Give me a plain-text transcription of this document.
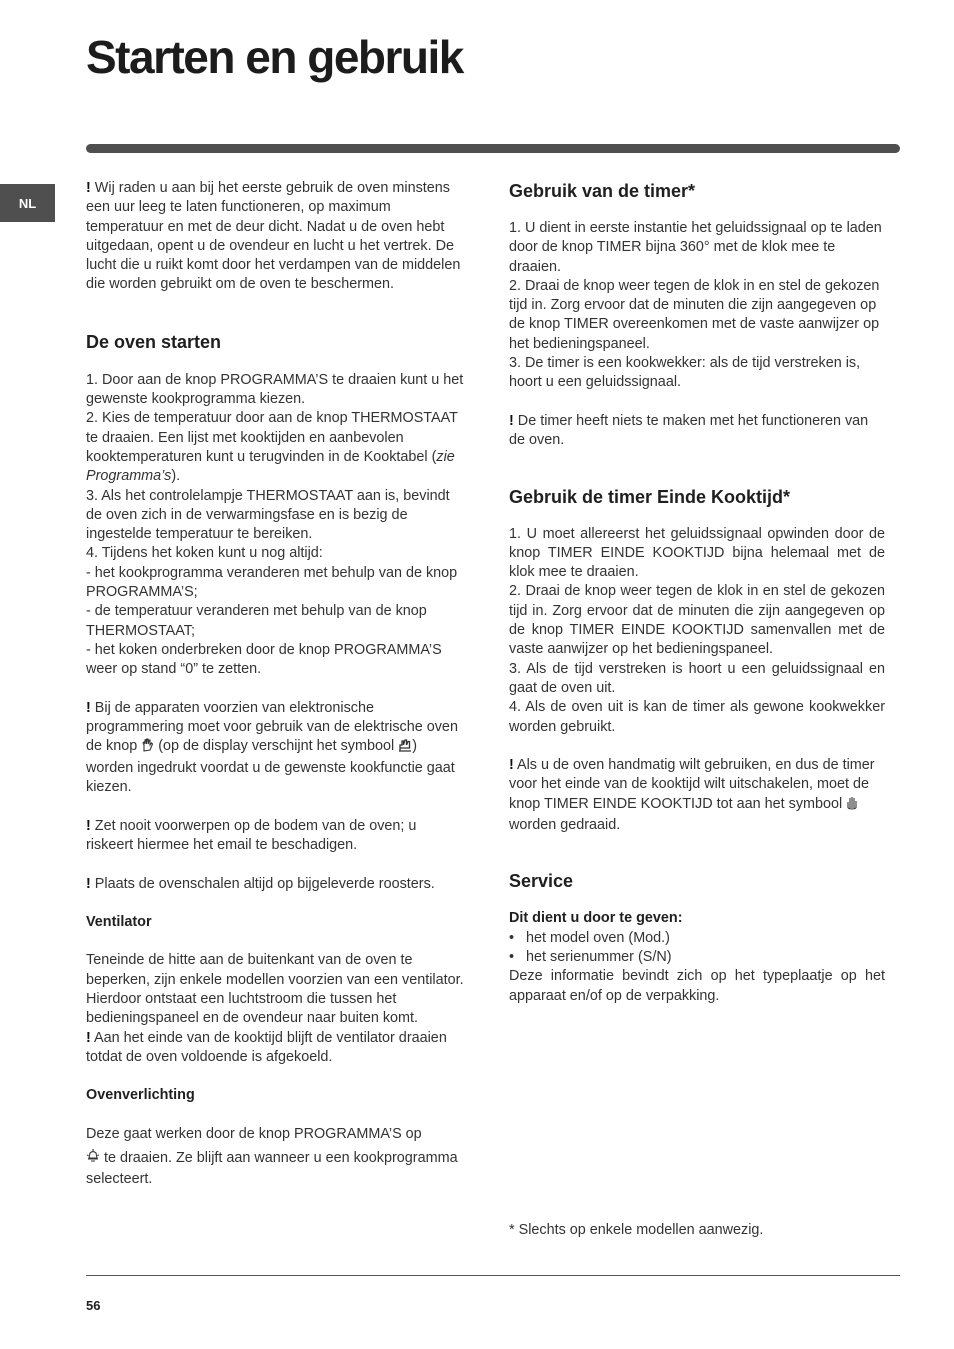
Starten en gebruik
NL

! Wij raden u aan bij het eerste gebruik de oven minstens een uur leeg te laten functioneren, op maximum temperatuur en met de deur dicht. Nadat u de oven hebt uitgedaan, opent u de ovendeur en lucht u het vertrek. De lucht die u ruikt komt door het verdampen van de middelen die worden gebruikt om de oven te beschermen.

De oven starten

1. Door aan de knop PROGRAMMA’S te draaien kunt u het gewenste kookprogramma kiezen.

2. Kies de temperatuur door aan de knop THERMOSTAAT te draaien. Een lijst met kooktijden en aanbevolen kooktemperaturen kunt u terugvinden in de Kooktabel (zie Programma’s).

3. Als het controlelampje THERMOSTAAT aan is, bevindt de oven zich in de verwarmingsfase en is bezig de ingestelde temperatuur te bereiken.

4. Tijdens het koken kunt u nog altijd:

- het kookprogramma veranderen met behulp van de knop PROGRAMMA’S;

- de temperatuur veranderen met behulp van de knop THERMOSTAAT;

- het koken onderbreken door de knop PROGRAMMA’S weer op stand “0” te zetten.

! Bij de apparaten voorzien van elektronische programmering moet voor gebruik van de elektrische oven de knop (op de display verschijnt het symbool ) worden ingedrukt voordat u de gewenste kookfunctie gaat kiezen.

! Zet nooit voorwerpen op de bodem van de oven; u riskeert hiermee het email te beschadigen.

! Plaats de ovenschalen altijd op bijgeleverde roosters.

Ventilator

Teneinde de hitte aan de buitenkant van de oven te beperken, zijn enkele modellen voorzien van een ventilator. Hierdoor ontstaat een luchtstroom die tussen het bedieningspaneel en de ovendeur naar buiten komt.

! Aan het einde van de kooktijd blijft de ventilator draaien totdat de oven voldoende is afgekoeld.

Ovenverlichting

Deze gaat werken door de knop PROGRAMMA’S op

te draaien. Ze blijft aan wanneer u een kookprogramma selecteert.

Gebruik van de timer*

1. U dient in eerste instantie het geluidssignaal op te laden door de knop TIMER bijna 360° met de klok mee te draaien.

2. Draai de knop weer tegen de klok in en stel de gekozen tijd in. Zorg ervoor dat de minuten die zijn aangegeven op de knop TIMER overeenkomen met de vaste aanwijzer op het bedieningspaneel.

3. De timer is een kookwekker: als de tijd verstreken is, hoort u een geluidssignaal.

! De timer heeft niets te maken met het functioneren van de oven.

Gebruik de timer Einde Kooktijd*

1. U moet allereerst het geluidssignaal opwinden door de knop TIMER EINDE KOOKTIJD bijna helemaal met de klok mee te draaien.

2. Draai de knop weer tegen de klok in en stel de gekozen tijd in. Zorg ervoor dat de minuten die zijn aangegeven op de knop TIMER EINDE KOOKTIJD samenvallen met de vaste aanwijzer op het bedieningspaneel.

3. Als de tijd verstreken is hoort u een geluidssignaal en gaat de oven uit.

4. Als de oven uit is kan de timer als gewone kookwekker worden gebruikt.

! Als u de oven handmatig wilt gebruiken, en dus de timer voor het einde van de kooktijd wilt uitschakelen, moet de knop TIMER EINDE KOOKTIJD tot aan het symbool  worden gedraaid.

Service
Dit dient u door te geven:
• het model oven (Mod.)
• het serienummer (S/N)

Deze informatie bevindt zich op het typeplaatje op het apparaat en/of op de verpakking.

* Slechts op enkele modellen aanwezig.
56
